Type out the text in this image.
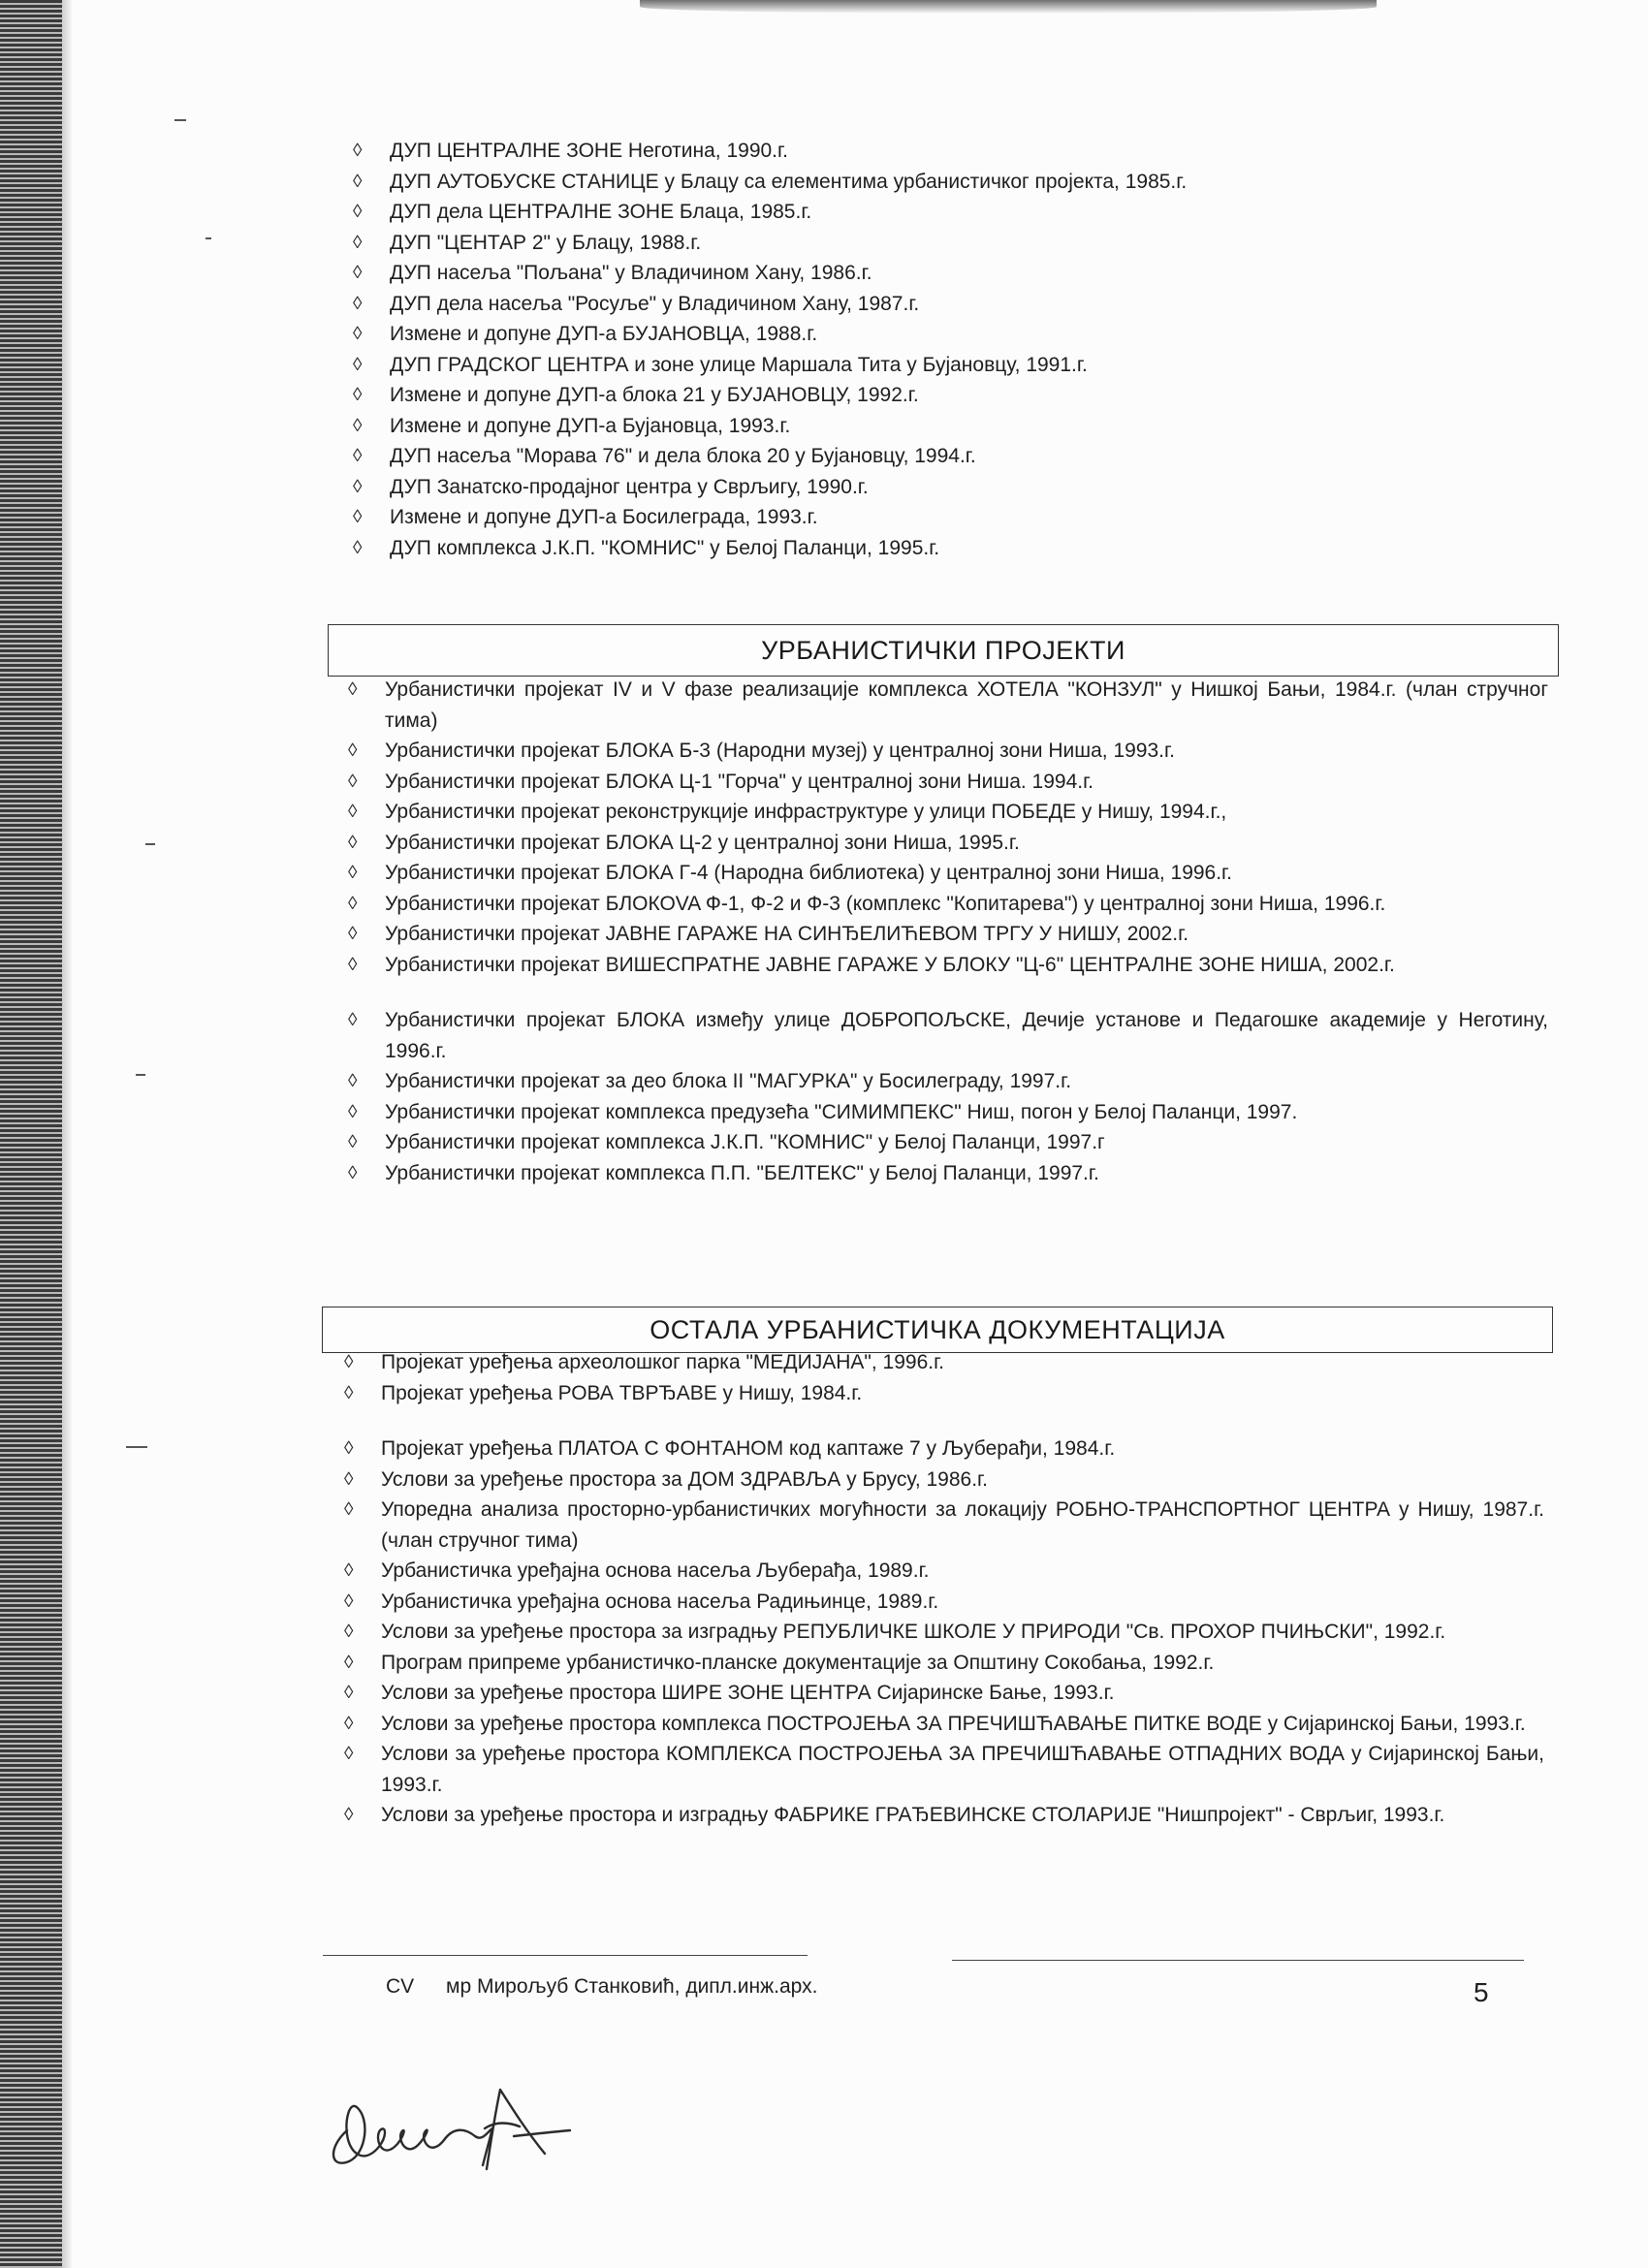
◊ ДУП ЦЕНТРАЛНЕ ЗОНЕ Неготина, 1990.г.
◊ ДУП АУТОБУСКЕ СТАНИЦЕ у Блацу са елементима урбанистичког пројекта, 1985.г.
◊ ДУП дела ЦЕНТРАЛНЕ ЗОНЕ Блаца, 1985.г.
◊ ДУП "ЦЕНТАР 2" у Блацу, 1988.г.
◊ ДУП насеља "Пољана" у Владичином Хану, 1986.г.
◊ ДУП дела насеља "Росуље" у Владичином Хану, 1987.г.
◊ Измене и допуне ДУП-а БУЈАНОВЦА, 1988.г.
◊ ДУП ГРАДСКОГ ЦЕНТРА и зоне улице Маршала Тита у Бујановцу, 1991.г.
◊ Измене и допуне ДУП-а блока 21 у БУЈАНОВЦУ, 1992.г.
◊ Измене и допуне ДУП-а Бујановца, 1993.г.
◊ ДУП насеља "Морава 76" и дела блока 20 у Бујановцу, 1994.г.
◊ ДУП Занатско-продајног центра у Сврљигу, 1990.г.
◊ Измене и допуне ДУП-а Босилеграда, 1993.г.
◊ ДУП комплекса Ј.К.П. "КОМНИС" у Белој Паланци, 1995.г.
УРБАНИСТИЧКИ ПРОЈЕКТИ
◊ Урбанистички пројекат IV и V фазе реализације комплекса ХОТЕЛА "КОНЗУЛ" у Нишкој Бањи, 1984.г. (члан стручног тима)
◊ Урбанистички пројекат БЛОКА Б-3 (Народни музеј) у централној зони Ниша, 1993.г.
◊ Урбанистички пројекат БЛОКА Ц-1 "Горча" у централној зони Ниша. 1994.г.
◊ Урбанистички пројекат реконструкције инфраструктуре у улици ПОБЕДЕ у Нишу, 1994.г.,
◊ Урбанистички пројекат БЛОКА Ц-2 у централној зони Ниша, 1995.г.
◊ Урбанистички пројекат БЛОКА Г-4 (Народна библиотека) у централној зони Ниша, 1996.г.
◊ Урбанистички пројекат БЛОКОVA Ф-1, Ф-2 и Ф-3 (комплекс "Копитарева") у централној зони Ниша, 1996.г.
◊ Урбанистички пројекат ЈАВНЕ ГАРАЖЕ НА СИНЂЕЛИЋЕВОМ ТРГУ У НИШУ, 2002.г.
◊ Урбанистички пројекат ВИШЕСПРАТНЕ ЈАВНЕ ГАРАЖЕ У БЛОКУ "Ц-6" ЦЕНТРАЛНЕ ЗОНЕ НИША, 2002.г.
◊ Урбанистички пројекат БЛОКА између улице ДОБРОПОЉСКЕ, Дечије установе и Педагошке академије у Неготину, 1996.г.
◊ Урбанистички пројекат за део блока II "МАГУРКА" у Босилеграду, 1997.г.
◊ Урбанистички пројекат комплекса предузећа "СИМИМПЕКС" Ниш, погон у Белој Паланци, 1997.
◊ Урбанистички пројекат комплекса Ј.К.П. "КОМНИС" у Белој Паланци, 1997.г
◊ Урбанистички пројекат комплекса П.П. "БЕЛТЕКС" у Белој Паланци, 1997.г.
ОСТАЛА УРБАНИСТИЧКА ДОКУМЕНТАЦИЈА
◊ Пројекат уређења археолошког парка "МЕДИЈАНА", 1996.г.
◊ Пројекат уређења РОВА ТВРЂАВЕ у Нишу, 1984.г.
◊ Пројекат уређења ПЛАТОА С ФОНТАНОМ код каптаже 7 у Љуберађи, 1984.г.
◊ Услови за уређење простора за ДОМ ЗДРАВЉА у Брусу, 1986.г.
◊ Упоредна анализа просторно-урбанистичких могућности за локацију РОБНО-ТРАНСПОРТНОГ ЦЕНТРА у Нишу, 1987.г. (члан стручног тима)
◊ Урбанистичка уређајна основа насеља Љуберађа, 1989.г.
◊ Урбанистичка уређајна основа насеља Радињинце, 1989.г.
◊ Услови за уређење простора за изградњу РЕПУБЛИЧКЕ ШКОЛЕ У ПРИРОДИ "Св. ПРОХОР ПЧИЊСКИ", 1992.г.
◊ Програм припреме урбанистичко-планске документације за Општину Сокобања, 1992.г.
◊ Услови за уређење простора ШИРЕ ЗОНЕ ЦЕНТРА Сијаринске Бање, 1993.г.
◊ Услови за уређење простора комплекса ПОСТРОЈЕЊА ЗА ПРЕЧИШЋАВАЊЕ ПИТКЕ ВОДЕ у Сијаринској Бањи, 1993.г.
◊ Услови за уређење простора КОМПЛЕКСА ПОСТРОЈЕЊА ЗА ПРЕЧИШЋАВАЊЕ ОТПАДНИХ ВОДА у Сијаринској Бањи, 1993.г.
◊ Услови за уређење простора и изградњу ФАБРИКЕ ГРАЂЕВИНСКЕ СТОЛАРИЈЕ "Нишпројект" - Сврљиг, 1993.г.
CV мр Мирољуб Станковић, дипл.инж.арх.	5
